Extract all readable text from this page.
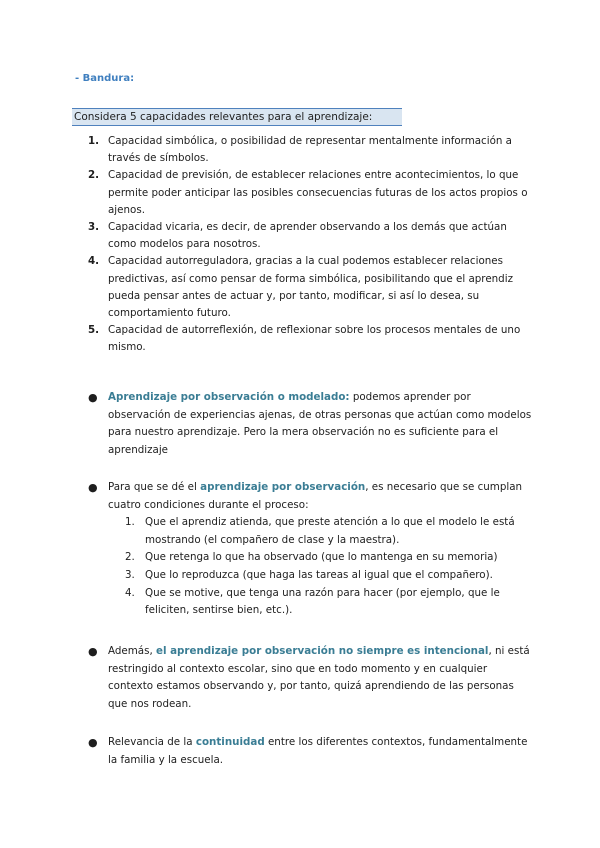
- Bandura:
Considera 5 capacidades relevantes para el aprendizaje:
1. Capacidad simbólica, o posibilidad de representar mentalmente información a través de símbolos.
2. Capacidad de previsión, de establecer relaciones entre acontecimientos, lo que permite poder anticipar las posibles consecuencias futuras de los actos propios o ajenos.
3. Capacidad vicaria, es decir, de aprender observando a los demás que actúan como modelos para nosotros.
4. Capacidad autorreguladora, gracias a la cual podemos establecer relaciones predictivas, así como pensar de forma simbólica, posibilitando que el aprendiz pueda pensar antes de actuar y, por tanto, modificar, si así lo desea, su comportamiento futuro.
5. Capacidad de autorreflexión, de reflexionar sobre los procesos mentales de uno mismo.
●	Aprendizaje por observación o modelado: podemos aprender por observación de experiencias ajenas, de otras personas que actúan como modelos para nuestro aprendizaje. Pero la mera observación no es suficiente para el aprendizaje
●	Para que se dé el aprendizaje por observación, es necesario que se cumplan cuatro condiciones durante el proceso:
1. Que el aprendiz atienda, que preste atención a lo que el modelo le está mostrando (el compañero de clase y la maestra).
2. Que retenga lo que ha observado (que lo mantenga en su memoria)
3. Que lo reproduzca (que haga las tareas al igual que el compañero).
4. Que se motive, que tenga una razón para hacer (por ejemplo, que le feliciten, sentirse bien, etc.).
●	Además, el aprendizaje por observación no siempre es intencional, ni está restringido al contexto escolar, sino que en todo momento y en cualquier contexto estamos observando y, por tanto, quizá aprendiendo de las personas que nos rodean.
●	Relevancia de la continuidad entre los diferentes contextos, fundamentalmente la familia y la escuela.
